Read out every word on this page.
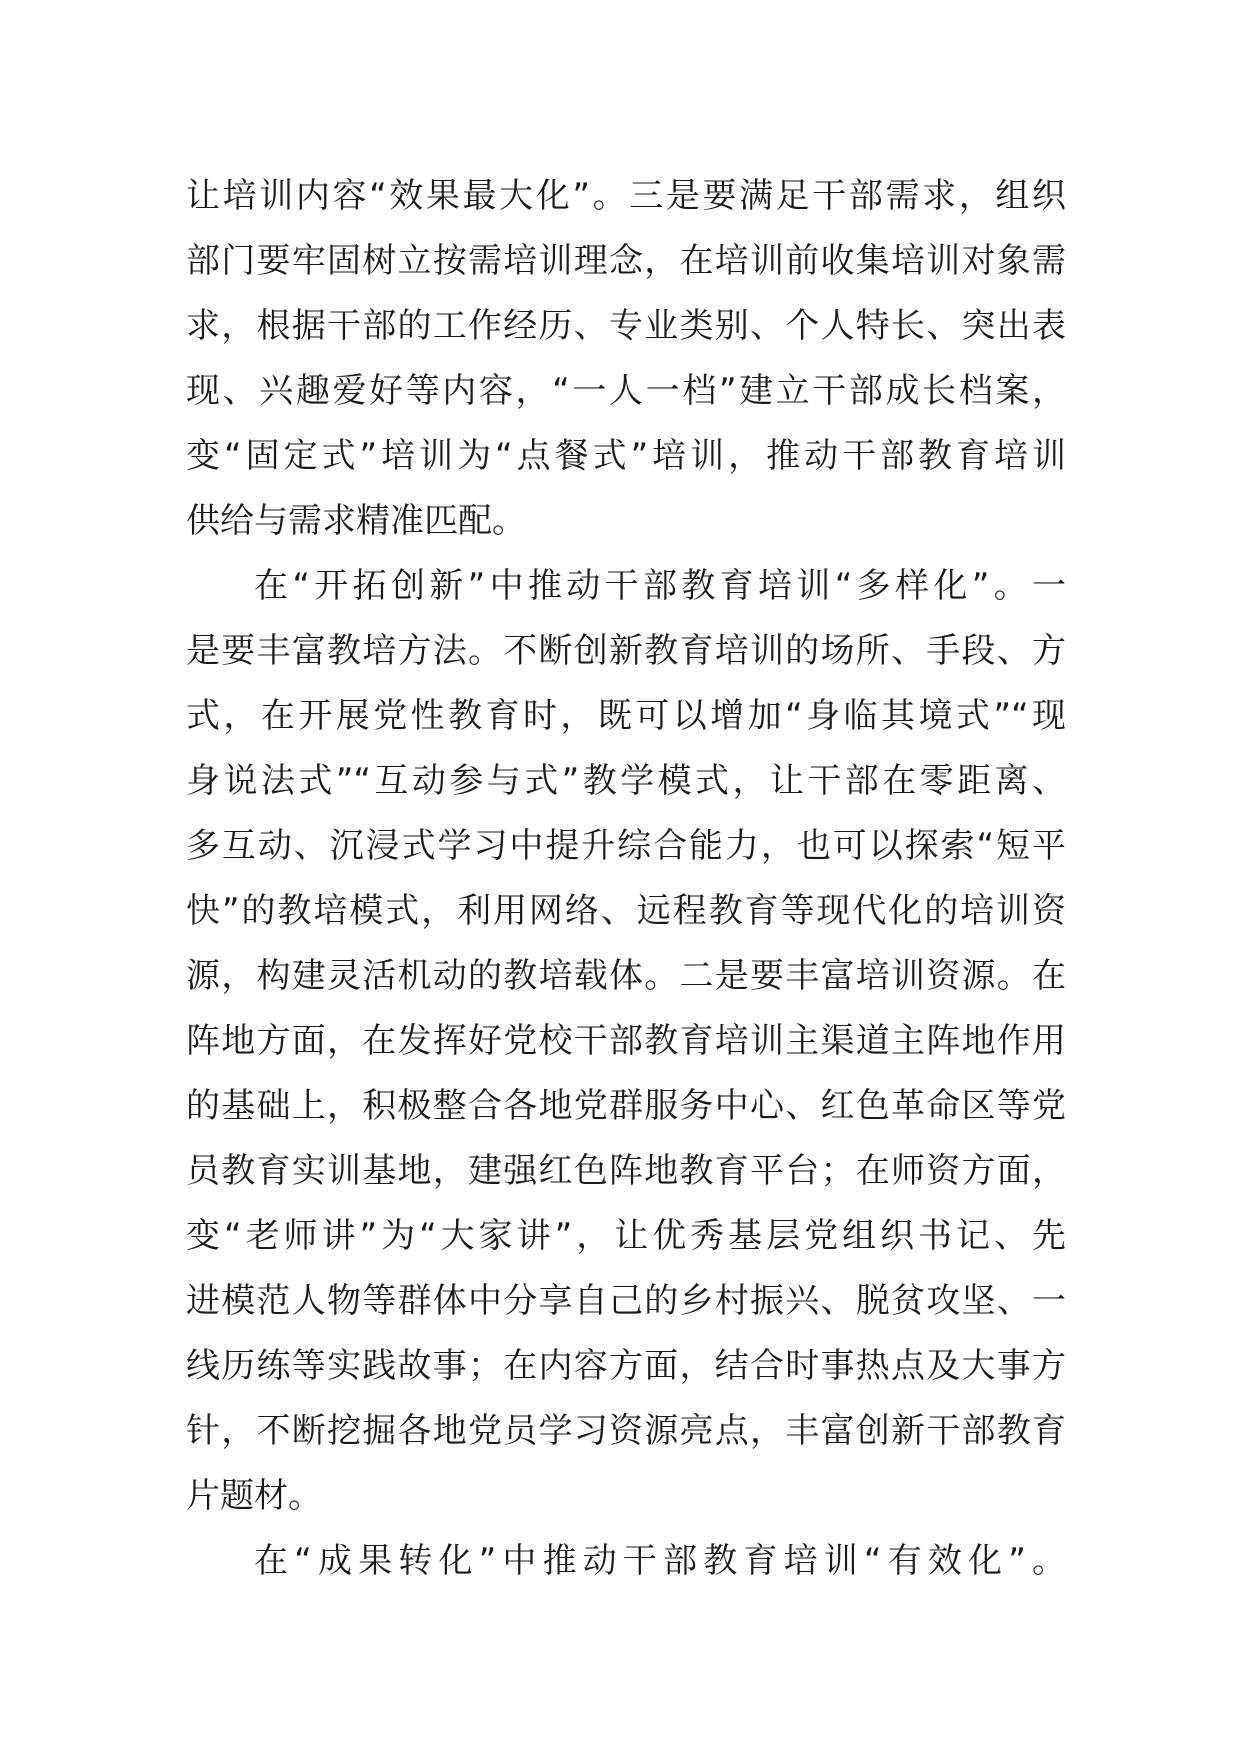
让培训内容“效果最大化”。三是要满足干部需求，组织
部门要牢固树立按需培训理念，在培训前收集培训对象需
求，根据干部的工作经历、专业类别、个人特长、突出表
现、兴趣爱好等内容，“一人一档”建立干部成长档案，
变“固定式”培训为“点餐式”培训，推动干部教育培训
供给与需求精准匹配。
在“开拓创新”中推动干部教育培训“多样化”。一
是要丰富教培方法。不断创新教育培训的场所、手段、方
式，在开展党性教育时，既可以增加“身临其境式”“现
身说法式”“互动参与式”教学模式，让干部在零距离、
多互动、沉浸式学习中提升综合能力，也可以探索“短平
快”的教培模式，利用网络、远程教育等现代化的培训资
源，构建灵活机动的教培载体。二是要丰富培训资源。在
阵地方面，在发挥好党校干部教育培训主渠道主阵地作用
的基础上，积极整合各地党群服务中心、红色革命区等党
员教育实训基地，建强红色阵地教育平台；在师资方面，
变“老师讲”为“大家讲”，让优秀基层党组织书记、先
进模范人物等群体中分享自己的乡村振兴、脱贫攻坚、一
线历练等实践故事；在内容方面，结合时事热点及大事方
针，不断挖掘各地党员学习资源亮点，丰富创新干部教育
片题材。
在“成果转化”中推动干部教育培训“有效化”。
